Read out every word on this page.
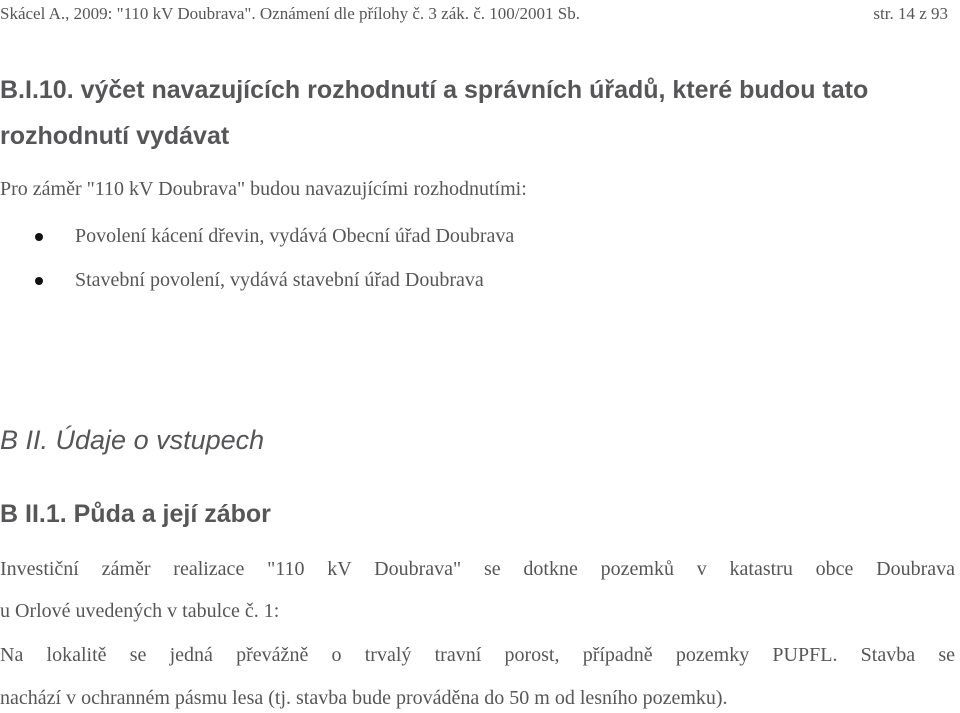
Skácel A., 2009: "110 kV Doubrava". Oznámení dle přílohy č. 3 zák. č. 100/2001 Sb.	str. 14 z 93
B.I.10. výčet navazujících rozhodnutí a správních úřadů, které budou tato
rozhodnutí vydávat
Pro záměr "110 kV Doubrava" budou navazujícími rozhodnutími:
Povolení kácení dřevin, vydává Obecní úřad Doubrava
Stavební povolení, vydává stavební úřad Doubrava
B II. Údaje o vstupech
B II.1. Půda a její zábor
Investiční záměr realizace "110 kV Doubrava" se dotkne pozemků v katastru obce Doubrava
u Orlové uvedených v tabulce č. 1:
Na lokalitě se jedná převážně o trvalý travní porost, případně pozemky PUPFL. Stavba se
nachází v ochranném pásmu lesa (tj. stavba bude prováděna do 50 m od lesního pozemku).
